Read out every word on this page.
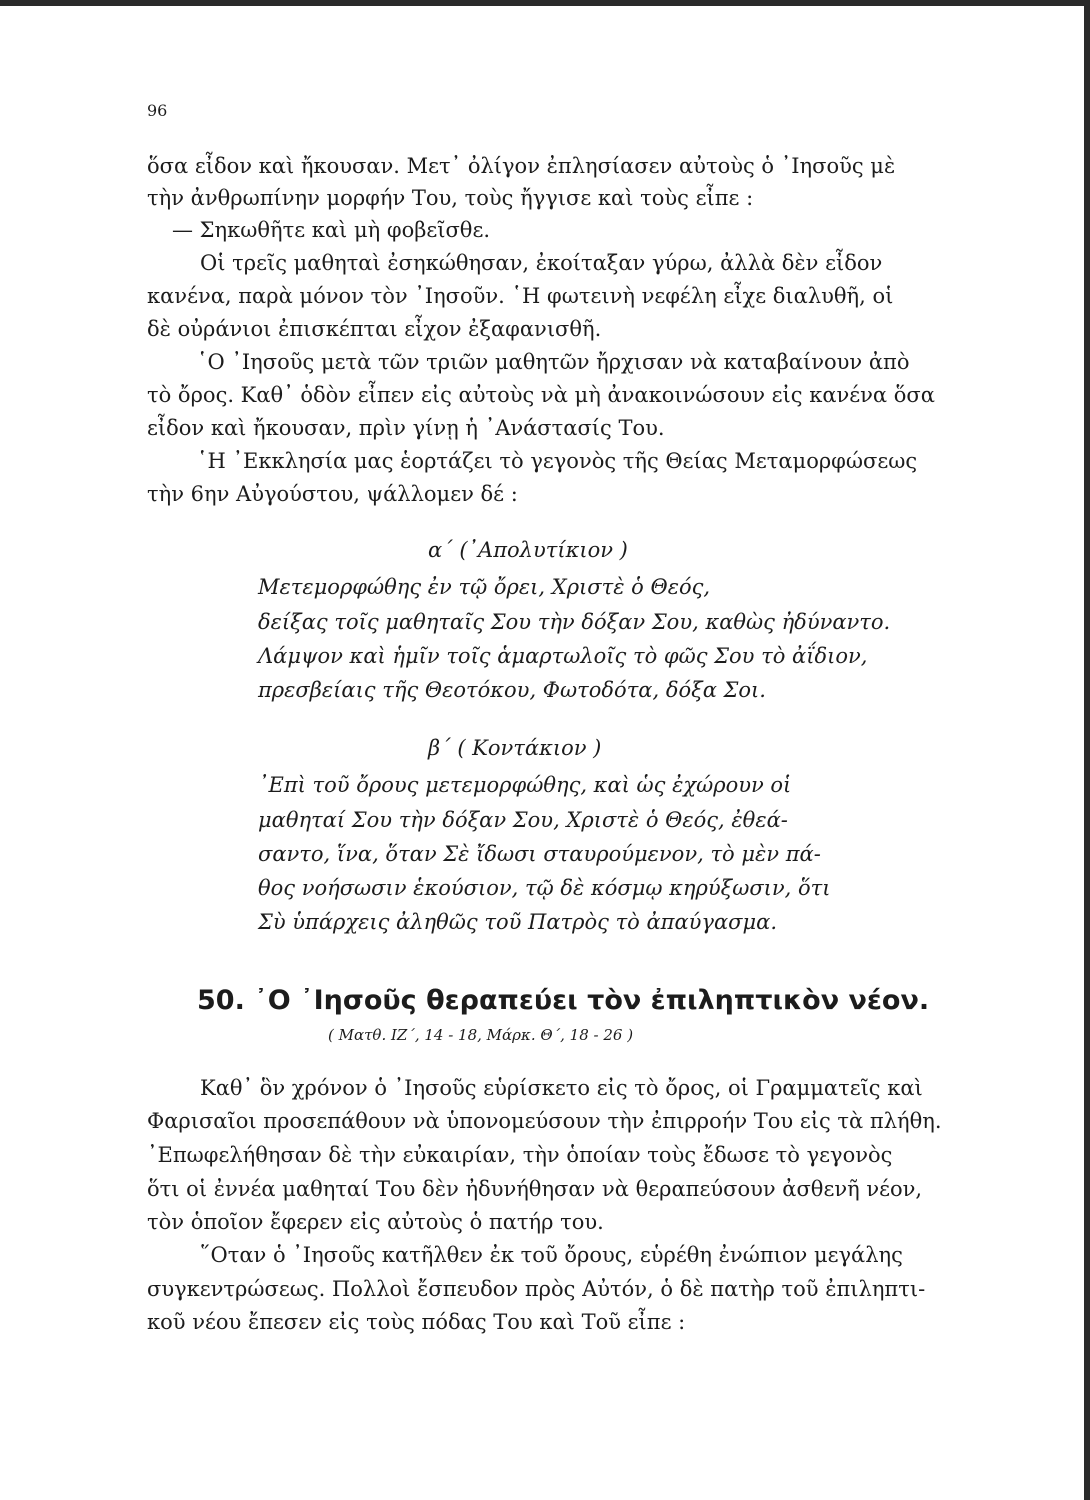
96
ὅσα εἶδον καὶ ἤκουσαν. Μετ᾿ ὀλίγον ἐπλησίασεν αὐτοὺς ὁ ᾿Ιησοῦς μὲ
τὴν ἀνθρωπίνην μορφήν Του, τοὺς ἤγγισε καὶ τοὺς εἶπε :
— Σηκωθῆτε καὶ μὴ φοβεῖσθε.
Οἱ τρεῖς μαθηταὶ ἐσηκώθησαν, ἐκοίταξαν γύρω, ἀλλὰ δὲν εἶδον
κανένα, παρὰ μόνον τὸν ᾿Ιησοῦν. ῾Η φωτεινὴ νεφέλη εἶχε διαλυθῆ, οἱ
δὲ οὐράνιοι ἐπισκέπται εἶχον ἐξαφανισθῆ.
῾Ο ᾿Ιησοῦς μετὰ τῶν τριῶν μαθητῶν ἤρχισαν νὰ καταβαίνουν ἀπὸ
τὸ ὄρος. Καθ᾿ ὁδὸν εἶπεν εἰς αὐτοὺς νὰ μὴ ἀνακοινώσουν εἰς κανένα ὅσα
εἶδον καὶ ἤκουσαν, πρὶν γίνῃ ἡ ᾿Ανάστασίς Του.
῾Η ᾿Εκκλησία μας ἑορτάζει τὸ γεγονὸς τῆς Θείας Μεταμορφώσεως
τὴν 6ην Αὐγούστου, ψάλλομεν δέ :
α΄ (᾿Απολυτίκιον )
Μετεμορφώθης ἐν τῷ ὄρει, Χριστὲ ὁ Θεός,
δείξας τοῖς μαθηταῖς Σου τὴν δόξαν Σου, καθὼς ἠδύναντο.
Λάμψον καὶ ἡμῖν τοῖς ἁμαρτωλοῖς τὸ φῶς Σου τὸ ἀΐδιον,
πρεσβείαις τῆς Θεοτόκου, Φωτοδότα, δόξα Σοι.
β΄ ( Κοντάκιον )
᾿Επὶ τοῦ ὄρους μετεμορφώθης, καὶ ὡς ἐχώρουν οἱ
μαθηταί Σου τὴν δόξαν Σου, Χριστὲ ὁ Θεός, ἐθεά-
σαντο, ἵνα, ὅταν Σὲ ἴδωσι σταυρούμενον, τὸ μὲν πά-
θος νοήσωσιν ἑκούσιον, τῷ δὲ κόσμῳ κηρύξωσιν, ὅτι
Σὺ ὑπάρχεις ἀληθῶς τοῦ Πατρὸς τὸ ἀπαύγασμα.
50. ᾿Ο ᾿Ιησοῦς θεραπεύει τὸν ἐπιληπτικὸν νέον.
( Ματθ. ΙΖ΄, 14 - 18, Μάρκ. Θ΄, 18 - 26 )
Καθ᾿ ὃν χρόνον ὁ ᾿Ιησοῦς εὑρίσκετο εἰς τὸ ὄρος, οἱ Γραμματεῖς καὶ
Φαρισαῖοι προσεπάθουν νὰ ὑπονομεύσουν τὴν ἐπιρροήν Του εἰς τὰ πλήθη.
᾿Επωφελήθησαν δὲ τὴν εὐκαιρίαν, τὴν ὁποίαν τοὺς ἔδωσε τὸ γεγονὸς
ὅτι οἱ ἐννέα μαθηταί Του δὲν ἠδυνήθησαν νὰ θεραπεύσουν ἀσθενῆ νέον,
τὸν ὁποῖον ἔφερεν εἰς αὐτοὺς ὁ πατήρ του.
῞Οταν ὁ ᾿Ιησοῦς κατῆλθεν ἐκ τοῦ ὄρους, εὑρέθη ἐνώπιον μεγάλης
συγκεντρώσεως. Πολλοὶ ἔσπευδον πρὸς Αὐτόν, ὁ δὲ πατὴρ τοῦ ἐπιληπτι-
κοῦ νέου ἔπεσεν εἰς τοὺς πόδας Του καὶ Τοῦ εἶπε :
